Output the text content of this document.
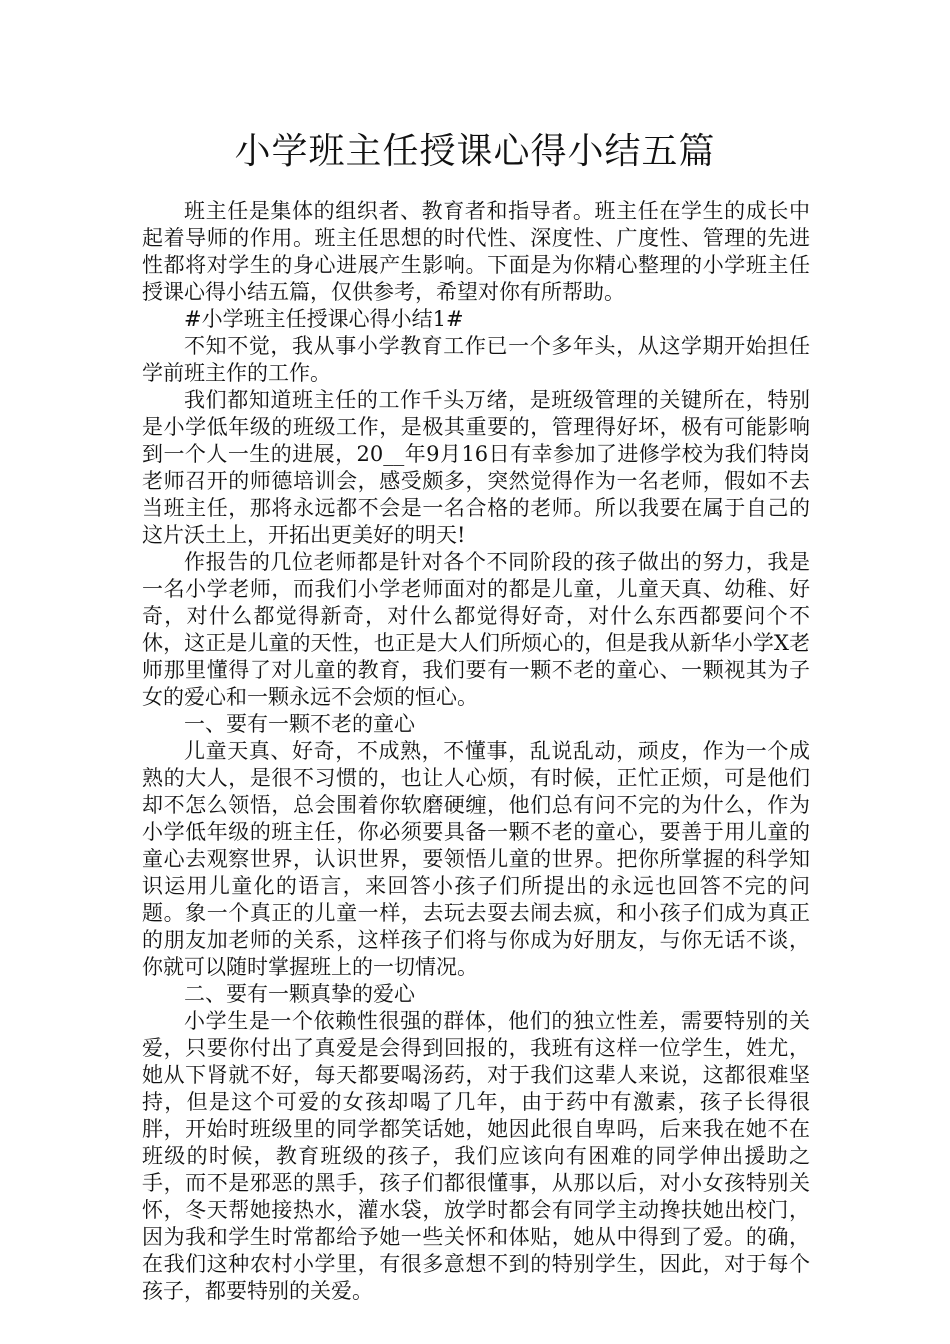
小学班主任授课心得小结五篇

班主任是集体的组织者、教育者和指导者。班主任在学生的成长中起着导师的作用。班主任思想的时代性、深度性、广度性、管理的先进性都将对学生的身心进展产生影响。下面是为你精心整理的小学班主任授课心得小结五篇，仅供参考，希望对你有所帮助。

#小学班主任授课心得小结1#

不知不觉，我从事小学教育工作已一个多年头，从这学期开始担任学前班主作的工作。

我们都知道班主任的工作千头万绪，是班级管理的关键所在，特别是小学低年级的班级工作，是极其重要的，管理得好坏，极有可能影响到一个人一生的进展，20__年9月16日有幸参加了进修学校为我们特岗老师召开的师德培训会，感受颇多，突然觉得作为一名老师，假如不去当班主任，那将永远都不会是一名合格的老师。所以我要在属于自己的这片沃土上，开拓出更美好的明天!

作报告的几位老师都是针对各个不同阶段的孩子做出的努力，我是一名小学老师，而我们小学老师面对的都是儿童，儿童天真、幼稚、好奇，对什么都觉得新奇，对什么都觉得好奇，对什么东西都要问个不休，这正是儿童的天性，也正是大人们所烦心的，但是我从新华小学X老师那里懂得了对儿童的教育，我们要有一颗不老的童心、一颗视其为子女的爱心和一颗永远不会烦的恒心。

一、要有一颗不老的童心

儿童天真、好奇，不成熟，不懂事，乱说乱动，顽皮，作为一个成熟的大人，是很不习惯的，也让人心烦，有时候，正忙正烦，可是他们却不怎么领悟，总会围着你软磨硬缠，他们总有问不完的为什么，作为小学低年级的班主任，你必须要具备一颗不老的童心，要善于用儿童的童心去观察世界，认识世界，要领悟儿童的世界。把你所掌握的科学知识运用儿童化的语言，来回答小孩子们所提出的永远也回答不完的问题。象一个真正的儿童一样，去玩去耍去闹去疯，和小孩子们成为真正的朋友加老师的关系，这样孩子们将与你成为好朋友，与你无话不谈，你就可以随时掌握班上的一切情况。

二、要有一颗真挚的爱心

小学生是一个依赖性很强的群体，他们的独立性差，需要特别的关爱，只要你付出了真爱是会得到回报的，我班有这样一位学生，姓尤，她从下肾就不好，每天都要喝汤药，对于我们这辈人来说，这都很难坚持，但是这个可爱的女孩却喝了几年，由于药中有激素，孩子长得很胖，开始时班级里的同学都笑话她，她因此很自卑吗，后来我在她不在班级的时候，教育班级的孩子，我们应该向有困难的同学伸出援助之手，而不是邪恶的黑手，孩子们都很懂事，从那以后，对小女孩特别关怀，冬天帮她接热水，灌水袋，放学时都会有同学主动搀扶她出校门，因为我和学生时常都给予她一些关怀和体贴，她从中得到了爱。的确，在我们这种农村小学里，有很多意想不到的特别学生，因此，对于每个孩子，都要特别的关爱。
